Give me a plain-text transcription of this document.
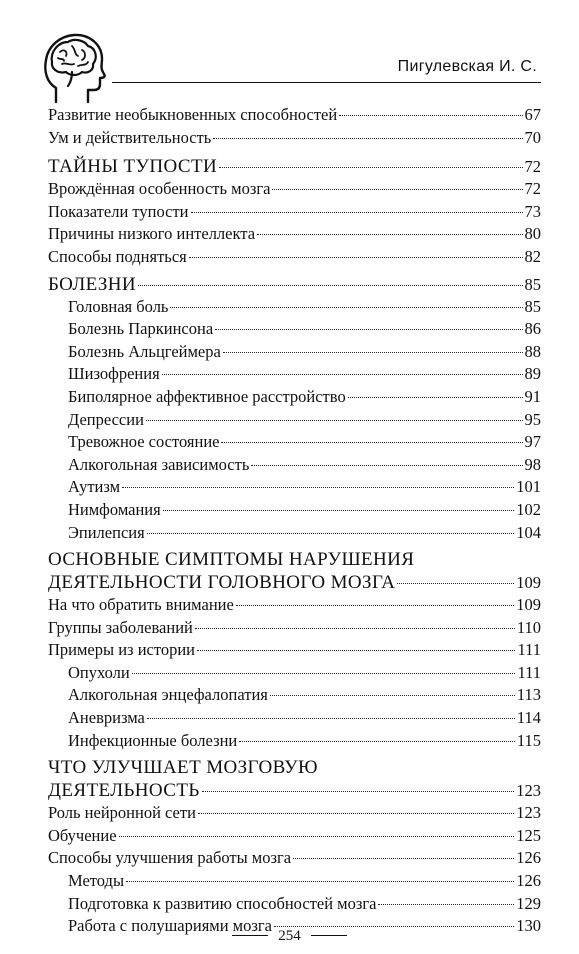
Пигулевская И. С.
Развитие необыкновенных способностей	67
Ум и действительность	70
ТАЙНЫ ТУПОСТИ	72
Врождённая особенность мозга	72
Показатели тупости	73
Причины низкого интеллекта	80
Способы подняться	82
БОЛЕЗНИ	85
Головная боль	85
Болезнь Паркинсона	86
Болезнь Альцгеймера	88
Шизофрения	89
Биполярное аффективное расстройство	91
Депрессии	95
Тревожное состояние	97
Алкогольная зависимость	98
Аутизм	101
Нимфомания	102
Эпилепсия	104
ОСНОВНЫЕ СИМПТОМЫ НАРУШЕНИЯ
ДЕЯТЕЛЬНОСТИ ГОЛОВНОГО МОЗГА	109
На что обратить внимание	109
Группы заболеваний	110
Примеры из истории	111
Опухоли	111
Алкогольная энцефалопатия	113
Аневризма	114
Инфекционные болезни	115
ЧТО УЛУЧШАЕТ МОЗГОВУЮ
ДЕЯТЕЛЬНОСТЬ	123
Роль нейронной сети	123
Обучение	125
Способы улучшения работы мозга	126
Методы	126
Подготовка к развитию способностей мозга	129
Работа с полушариями мозга	130
254
